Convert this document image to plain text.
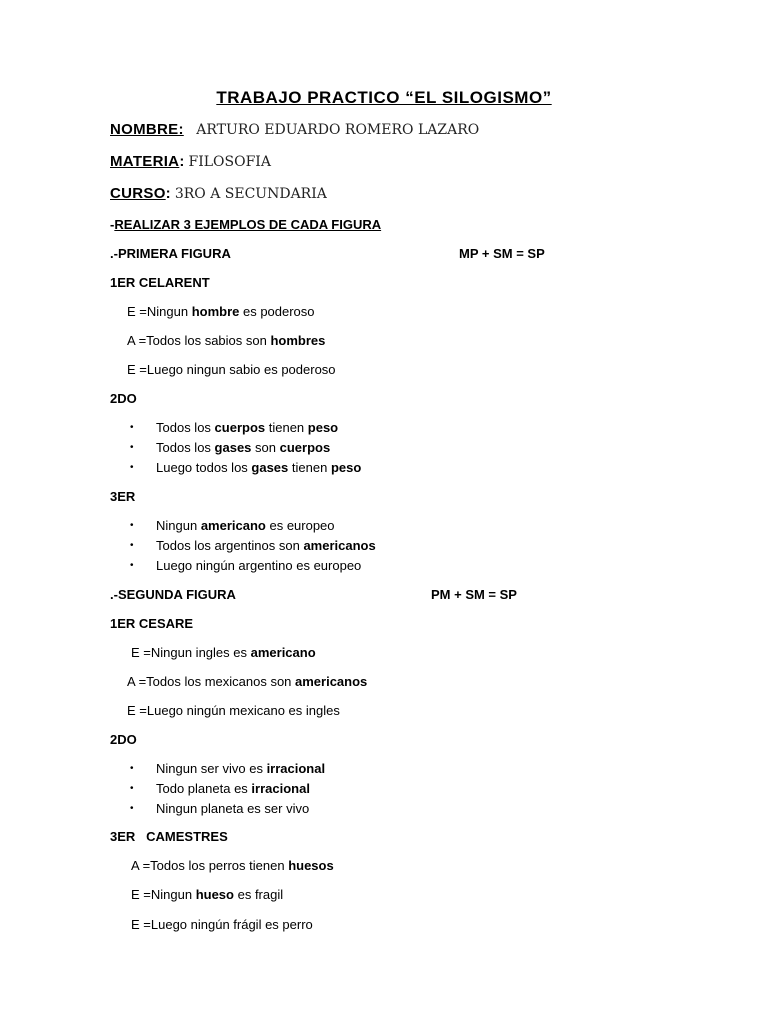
TRABAJO PRACTICO “EL SILOGISMO”
NOMBRE: ARTURO EDUARDO ROMERO LAZARO
MATERIA: FILOSOFIA
CURSO: 3RO A SECUNDARIA
-REALIZAR 3 EJEMPLOS DE CADA FIGURA
.-PRIMERA FIGURA	MP + SM = SP
1ER CELARENT
E =Ningun hombre es poderoso
A =Todos los sabios son hombres
E =Luego ningun sabio es poderoso
2DO
• Todos los cuerpos tienen peso
• Todos los gases son cuerpos
• Luego todos los gases tienen peso
3ER
• Ningun americano es europeo
• Todos los argentinos son americanos
• Luego ningún argentino es europeo
.-SEGUNDA FIGURA	PM + SM = SP
1ER CESARE
E =Ningun ingles es americano
A =Todos los mexicanos son americanos
E =Luego ningún mexicano es ingles
2DO
• Ningun ser vivo es irracional
• Todo planeta es irracional
• Ningun planeta es ser vivo
3ER   CAMESTRES
A =Todos los perros tienen huesos
E =Ningun hueso es fragil
E =Luego ningún frágil es perro
